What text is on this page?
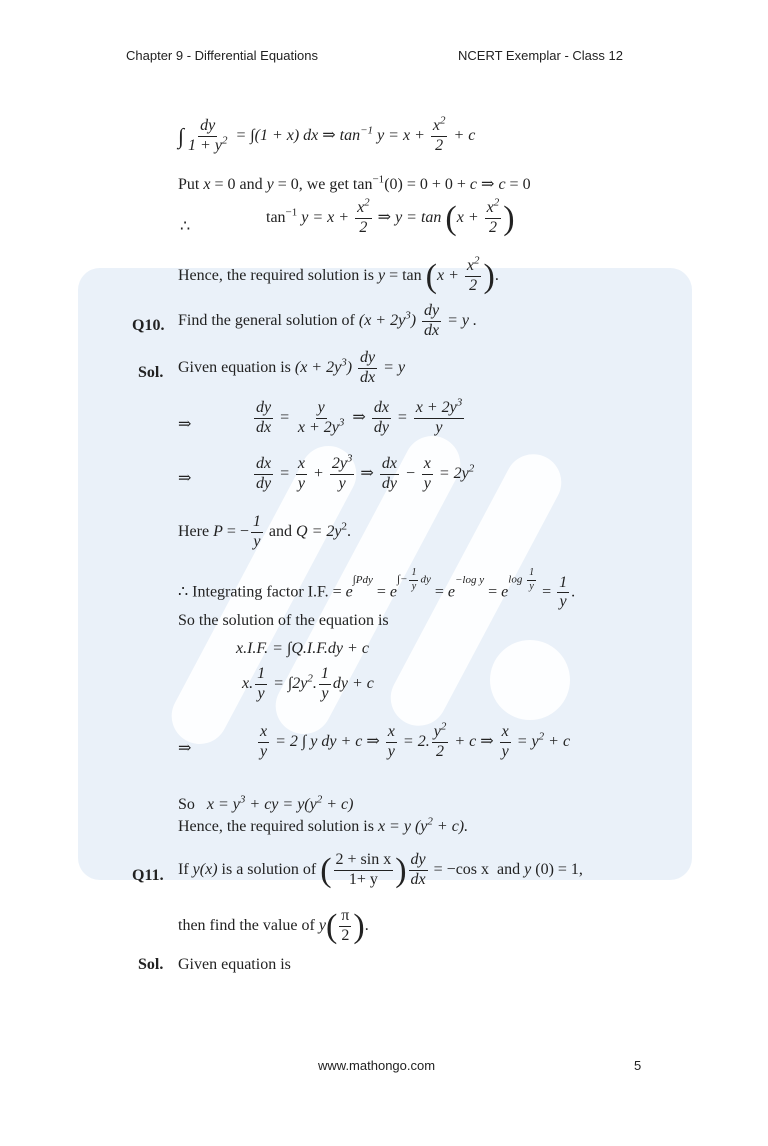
Chapter 9 - Differential Equations	NCERT Exemplar - Class 12
∫ $\frac{dy}{1 + y^2} = \int(1 + x)$ dx ⇒ $\tan^{-1} y = x + \frac{x^2}{2} + c$
Put x = 0 and y = 0, we get $\tan^{-1}(0) = 0 + 0 + c$ ⇒ c = 0
∴
$\tan^{-1} y = x + \frac{x^2}{2}$ ⇒ $y = \tan (x + \frac{x^2}{2}$ )
Hence, the required solution is $y = \tan (x + \frac{x^2}{2}$ ).
Q10. Find the general solution of $(x + 2y^3) \frac{dy}{dx} = y$ .
Sol. Given equation is $(x + 2y^3) \frac{dy}{dx} = y$
⇒	$\frac{dy}{dx} = \frac{y}{x + 2y^3}$ ⇒ $\frac{dx}{dy} = \frac{x + 2y^3}{y}$
⇒	$\frac{dx}{dy} = \frac{x}{y} + \frac{2y^3}{y}$ ⇒ $\frac{dx}{dy} - \frac{x}{y} = 2y^2$
Here P = − $\frac{1}{y}$ and $Q = 2y^2$.
∴ Integrating factor I.F. = $e\int Pdy = e\int- \frac{1}{y}$ dy = e−log y = elog $\frac{1}{y}$
= $\frac{1}{y}$ .
So the solution of the equation is
x.I.F. = ∫Q.I.F.dy + c
x. $\frac{1}{y} = \int 2y^2$. $\frac{1}{y}$ dy + c
⇒	$\frac{x}{y} = 2$ ∫ y dy + c ⇒ $\frac{x}{y} = 2$. $\frac{y^2}{2} + c$ ⇒ $\frac{x}{y} = y^2 + c$
So $x = y^3$ + cy = $y(y^2 + c)$
Hence, the required solution is x = y $(y^2 + c)$.
Q11. If y(x) is a solution of ( $\frac{\text{2 + sin x}}{1+ y}$ ) $\frac{dy}{dx} = -\cos$ x and y (0) = 1,
then find the value of $y( \frac{\pi}{2}$ ).
Sol. Given equation is
www.mathongo.com	5
